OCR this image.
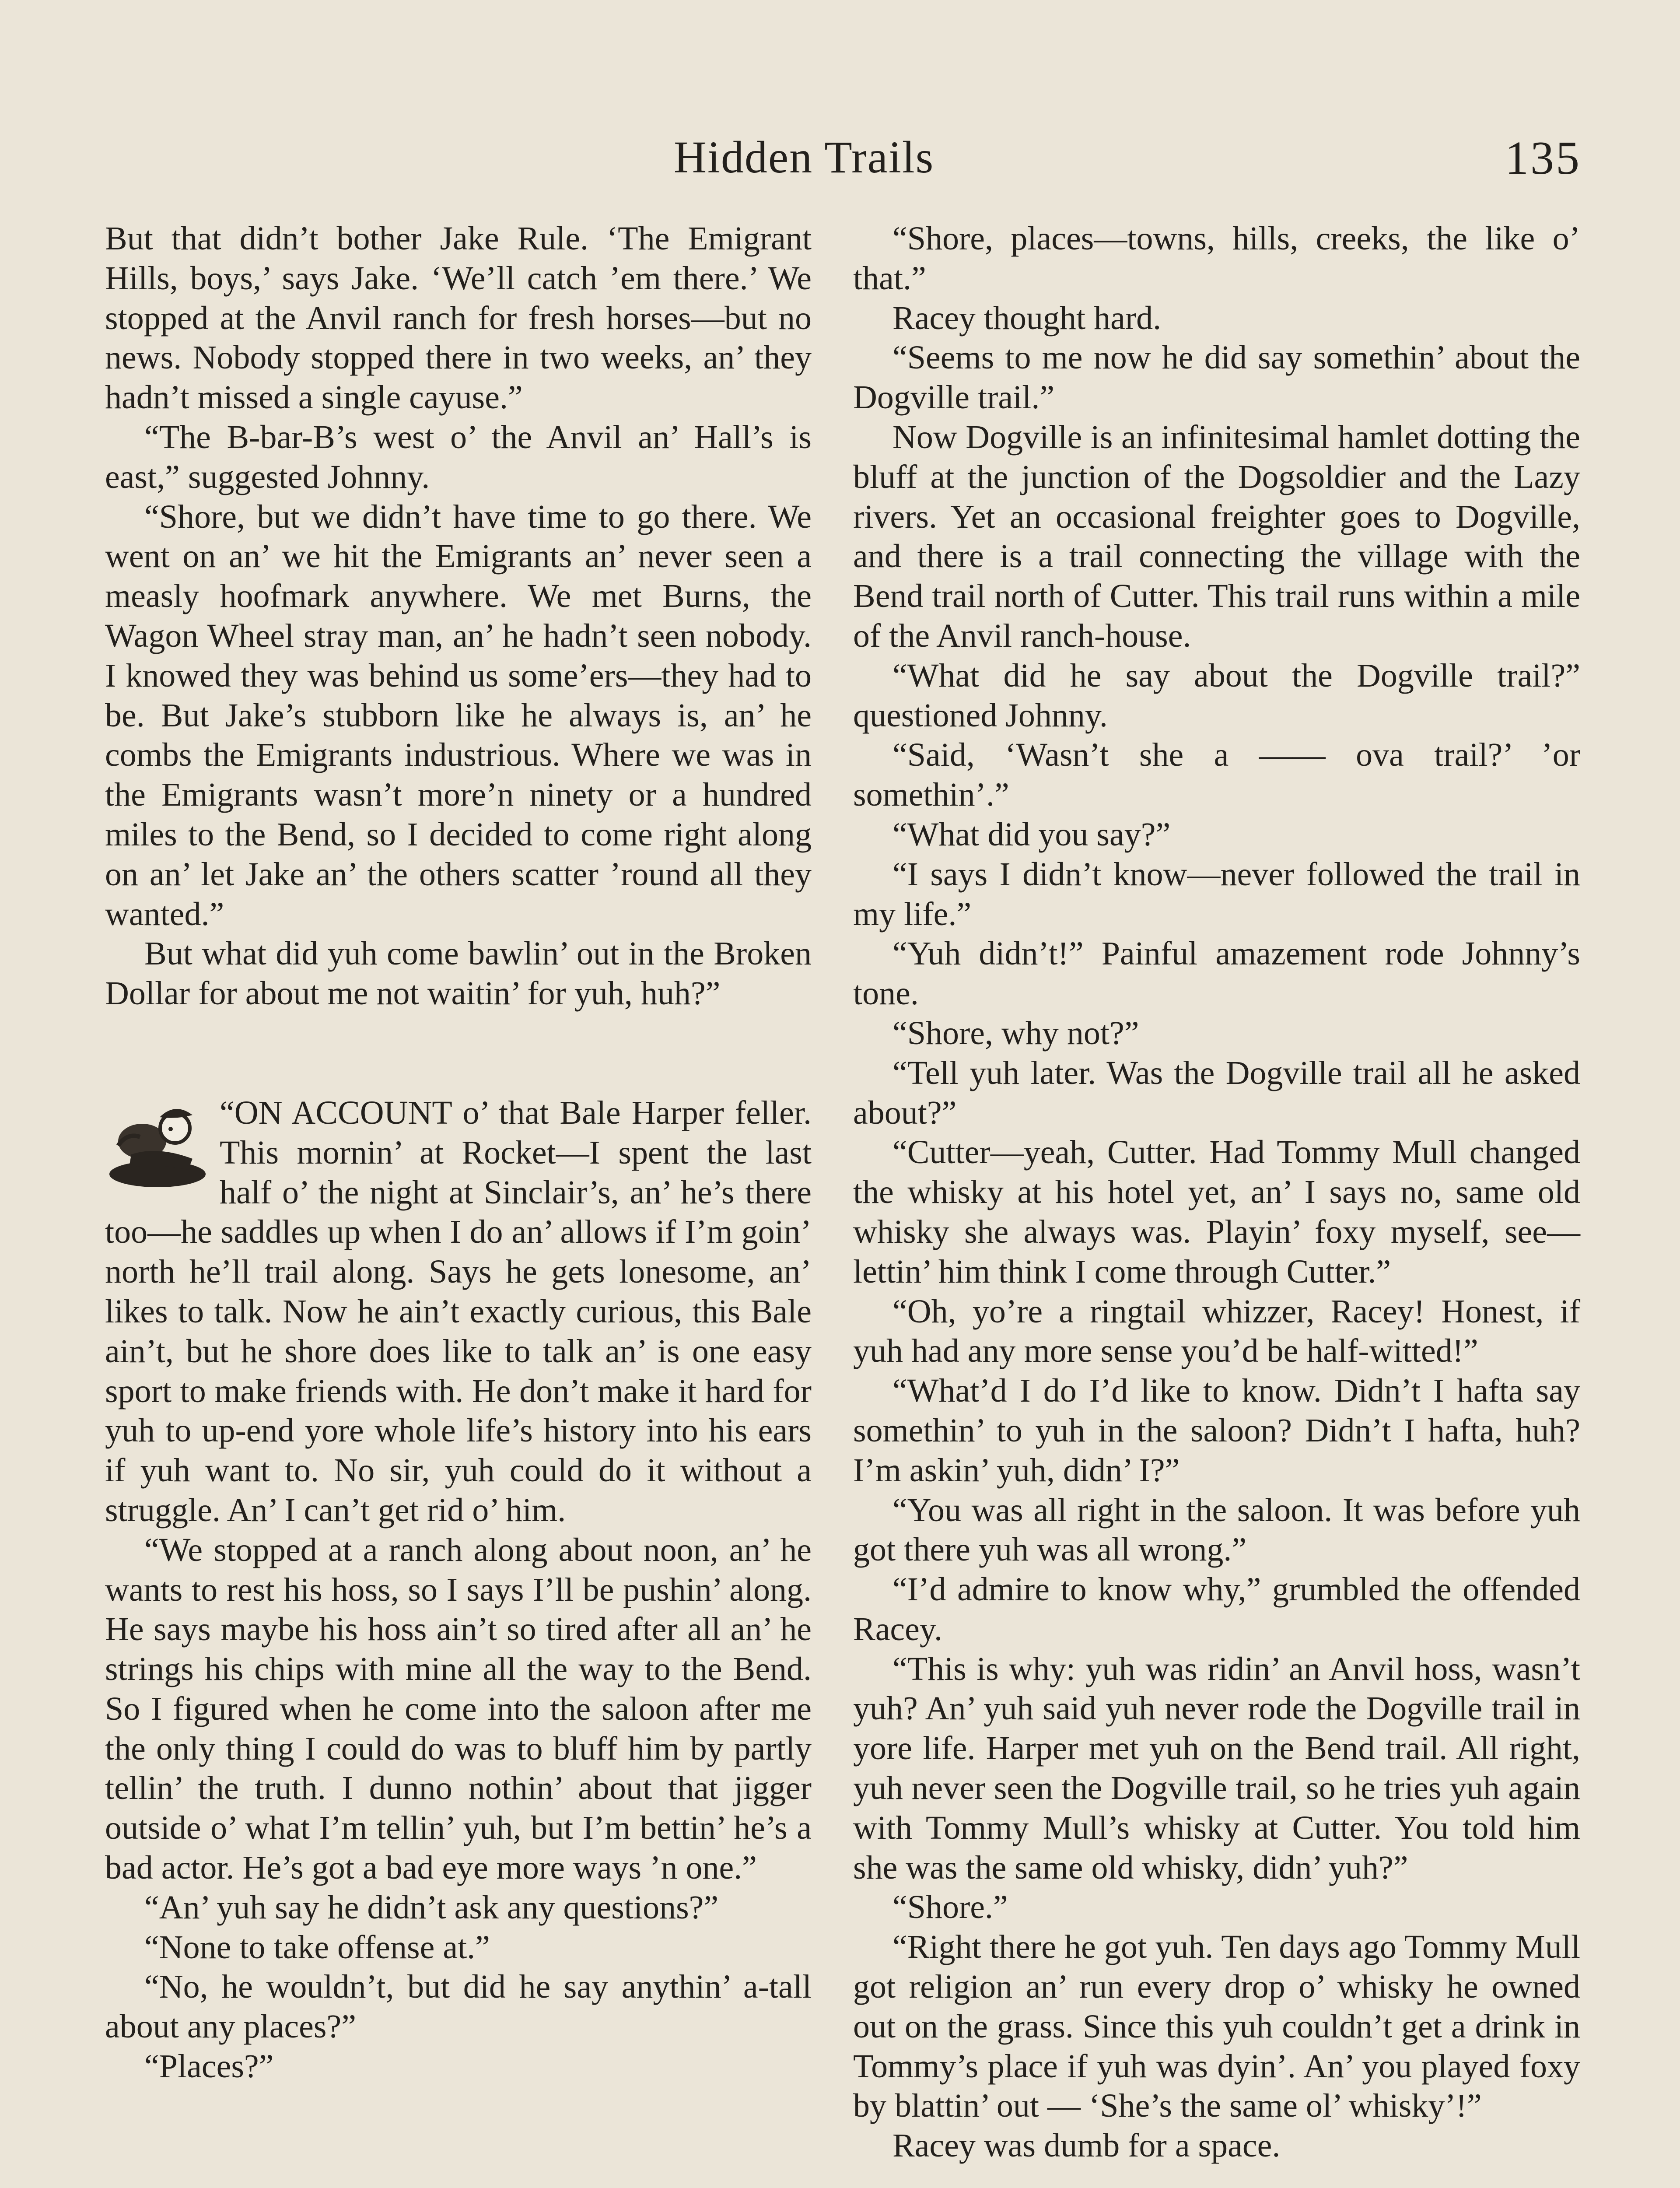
Hidden Trails	135

But that didn’t bother Jake Rule. ‘The Emigrant Hills, boys,’ says Jake. ‘We’ll catch ’em there.’ We stopped at the Anvil ranch for fresh horses—but no news. Nobody stopped there in two weeks, an’ they hadn’t missed a single cayuse.”

“The B-bar-B’s west o’ the Anvil an’ Hall’s is east,” suggested Johnny.

“Shore, but we didn’t have time to go there. We went on an’ we hit the Emigrants an’ never seen a measly hoofmark anywhere. We met Burns, the Wagon Wheel stray man, an’ he hadn’t seen nobody. I knowed they was behind us some’ers—they had to be. But Jake’s stubborn like he always is, an’ he combs the Emigrants industrious. Where we was in the Emigrants wasn’t more’n ninety or a hundred miles to the Bend, so I decided to come right along on an’ let Jake an’ the others scatter ’round all they wanted.”

But what did yuh come bawlin’ out in the Broken Dollar for about me not waitin’ for yuh, huh?”

“ON ACCOUNT o’ that Bale Harper feller. This mornin’ at Rocket—I spent the last half o’ the night at Sinclair’s, an’ he’s there too—he saddles up when I do an’ allows if I’m goin’ north he’ll trail along. Says he gets lonesome, an’ likes to talk. Now he ain’t exactly curious, this Bale ain’t, but he shore does like to talk an’ is one easy sport to make friends with. He don’t make it hard for yuh to up-end yore whole life’s history into his ears if yuh want to. No sir, yuh could do it without a struggle. An’ I can’t get rid o’ him.

“We stopped at a ranch along about noon, an’ he wants to rest his hoss, so I says I’ll be pushin’ along. He says maybe his hoss ain’t so tired after all an’ he strings his chips with mine all the way to the Bend. So I figured when he come into the saloon after me the only thing I could do was to bluff him by partly tellin’ the truth. I dunno nothin’ about that jigger outside o’ what I’m tellin’ yuh, but I’m bettin’ he’s a bad actor. He’s got a bad eye more ways ’n one.”

“An’ yuh say he didn’t ask any questions?”

“None to take offense at.”

“No, he wouldn’t, but did he say anythin’ a-tall about any places?”

“Places?”

“Shore, places—towns, hills, creeks, the like o’ that.”

Racey thought hard.

“Seems to me now he did say somethin’ about the Dogville trail.”

Now Dogville is an infinitesimal hamlet dotting the bluff at the junction of the Dogsoldier and the Lazy rivers. Yet an occasional freighter goes to Dogville, and there is a trail connecting the village with the Bend trail north of Cutter. This trail runs within a mile of the Anvil ranch-house.

“What did he say about the Dogville trail?” questioned Johnny.

“Said, ‘Wasn’t she a —— ova trail?’ ’or somethin’.”

“What did you say?”

“I says I didn’t know—never followed the trail in my life.”

“Yuh didn’t!” Painful amazement rode Johnny’s tone.

“Shore, why not?”

“Tell yuh later. Was the Dogville trail all he asked about?”

“Cutter—yeah, Cutter. Had Tommy Mull changed the whisky at his hotel yet, an’ I says no, same old whisky she always was. Playin’ foxy myself, see—lettin’ him think I come through Cutter.”

“Oh, yo’re a ringtail whizzer, Racey! Honest, if yuh had any more sense you’d be half-witted!”

“What’d I do I’d like to know. Didn’t I hafta say somethin’ to yuh in the saloon? Didn’t I hafta, huh? I’m askin’ yuh, didn’ I?”

“You was all right in the saloon. It was before yuh got there yuh was all wrong.”

“I’d admire to know why,” grumbled the offended Racey.

“This is why: yuh was ridin’ an Anvil hoss, wasn’t yuh? An’ yuh said yuh never rode the Dogville trail in yore life. Harper met yuh on the Bend trail. All right, yuh never seen the Dogville trail, so he tries yuh again with Tommy Mull’s whisky at Cutter. You told him she was the same old whisky, didn’ yuh?”

“Shore.”

“Right there he got yuh. Ten days ago Tommy Mull got religion an’ run every drop o’ whisky he owned out on the grass. Since this yuh couldn’t get a drink in Tommy’s place if yuh was dyin’. An’ you played foxy by blattin’ out — ‘She’s the same ol’ whisky’!”

Racey was dumb for a space.
